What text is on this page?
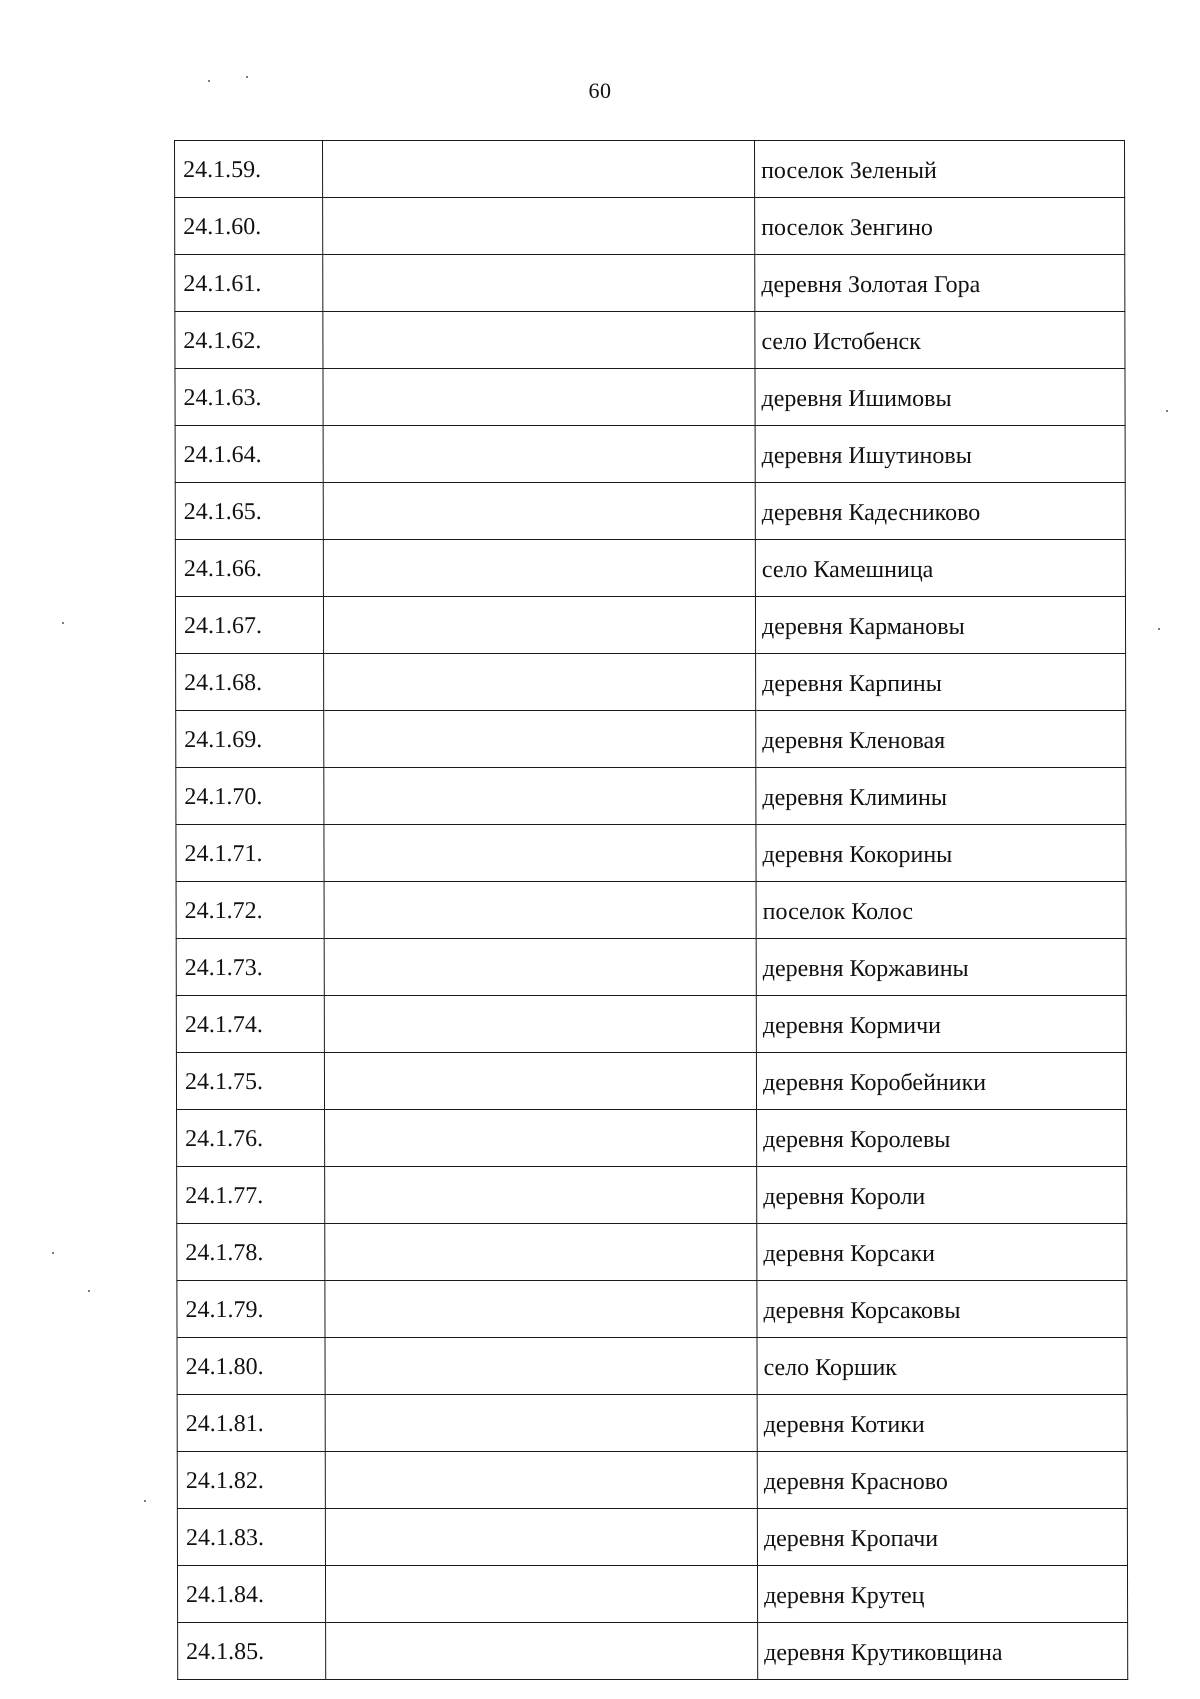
60
24.1.59.		поселок Зеленый
24.1.60.		поселок Зенгино
24.1.61.		деревня Золотая Гора
24.1.62.		село Истобенск
24.1.63.		деревня Ишимовы
24.1.64.		деревня Ишутиновы
24.1.65.		деревня Кадесниково
24.1.66.		село Камешница
24.1.67.		деревня Кармановы
24.1.68.		деревня Карпины
24.1.69.		деревня Кленовая
24.1.70.		деревня Климины
24.1.71.		деревня Кокорины
24.1.72.		поселок Колос
24.1.73.		деревня Коржавины
24.1.74.		деревня Кормичи
24.1.75.		деревня Коробейники
24.1.76.		деревня Королевы
24.1.77.		деревня Короли
24.1.78.		деревня Корсаки
24.1.79.		деревня Корсаковы
24.1.80.		село Коршик
24.1.81.		деревня Котики
24.1.82.		деревня Красново
24.1.83.		деревня Кропачи
24.1.84.		деревня Крутец
24.1.85.		деревня Крутиковщина
